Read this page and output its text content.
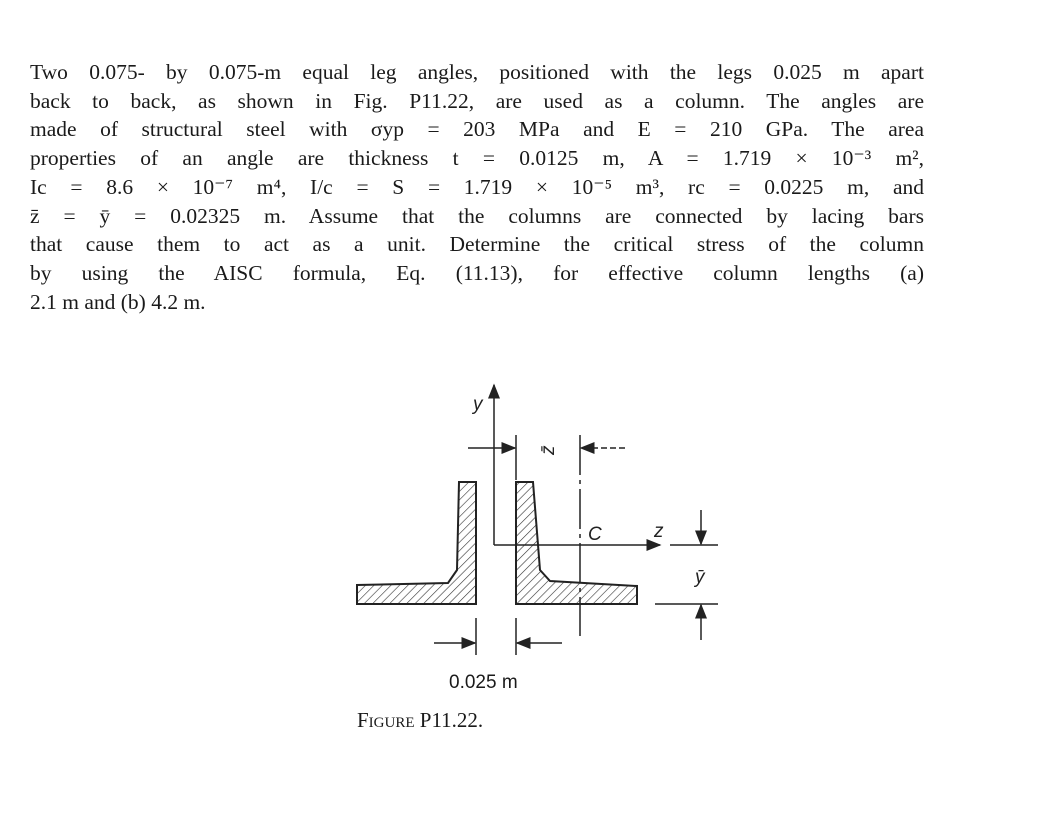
Two 0.075- by 0.075-m equal leg angles, positioned with the legs 0.025 m apart
back to back, as shown in Fig. P11.22, are used as a column. The angles are
made of structural steel with σyp = 203 MPa and E = 210 GPa. The area
properties of an angle are thickness t = 0.0125 m, A = 1.719 × 10⁻³ m²,
Ic = 8.6 × 10⁻⁷ m⁴, I/c = S = 1.719 × 10⁻⁵ m³, rc = 0.0225 m, and
z̄ = ȳ = 0.02325 m. Assume that the columns are connected by lacing bars
that cause them to act as a unit. Determine the critical stress of the column
by using the AISC formula, Eq. (11.13), for effective column lengths (a)
2.1 m and (b) 4.2 m.
y
z
C
z̄
ȳ
0.025 m
Figure P11.22.
